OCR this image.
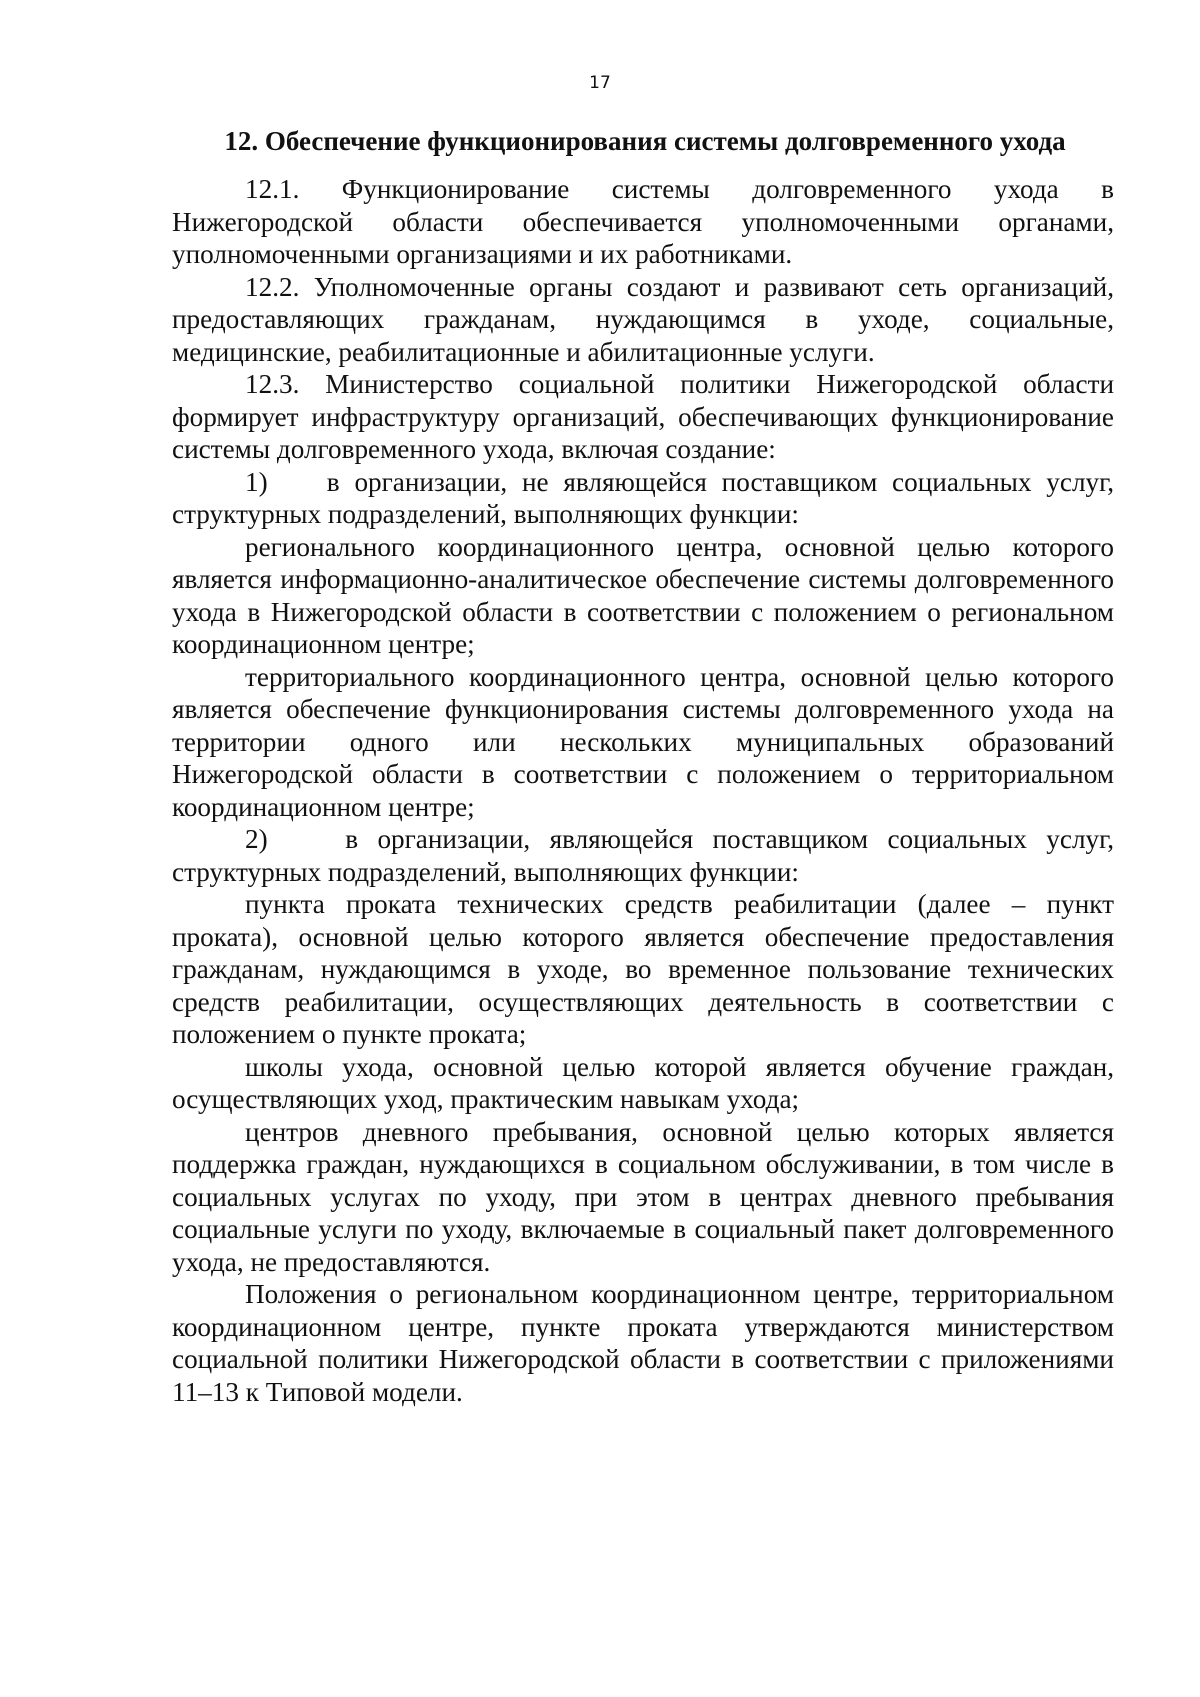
17
12. Обеспечение функционирования системы долговременного ухода

12.1. Функционирование системы долговременного ухода в Нижегородской области обеспечивается уполномоченными органами, уполномоченными организациями и их работниками.

12.2. Уполномоченные органы создают и развивают сеть организаций, предоставляющих гражданам, нуждающимся в уходе, социальные, медицинские, реабилитационные и абилитационные услуги.

12.3. Министерство социальной политики Нижегородской области формирует инфраструктуру организаций, обеспечивающих функционирование системы долговременного ухода, включая создание:

1)    в организации, не являющейся поставщиком социальных услуг, структурных подразделений, выполняющих функции:

регионального координационного центра, основной целью которого является информационно-аналитическое обеспечение системы долговременного ухода в Нижегородской области в соответствии с положением о региональном координационном центре;

территориального координационного центра, основной целью которого является обеспечение функционирования системы долговременного ухода на территории одного или нескольких муниципальных образований Нижегородской области в соответствии с положением о территориальном координационном центре;

2)    в организации, являющейся поставщиком социальных услуг, структурных подразделений, выполняющих функции:

пункта проката технических средств реабилитации (далее – пункт проката), основной целью которого является обеспечение предоставления гражданам, нуждающимся в уходе, во временное пользование технических средств реабилитации, осуществляющих деятельность в соответствии с положением о пункте проката;

школы ухода, основной целью которой является обучение граждан, осуществляющих уход, практическим навыкам ухода;

центров дневного пребывания, основной целью которых является поддержка граждан, нуждающихся в социальном обслуживании, в том числе в социальных услугах по уходу, при этом в центрах дневного пребывания социальные услуги по уходу, включаемые в социальный пакет долговременного ухода, не предоставляются.

Положения о региональном координационном центре, территориальном координационном центре, пункте проката утверждаются министерством социальной политики Нижегородской области в соответствии с приложениями 11–13 к Типовой модели.
